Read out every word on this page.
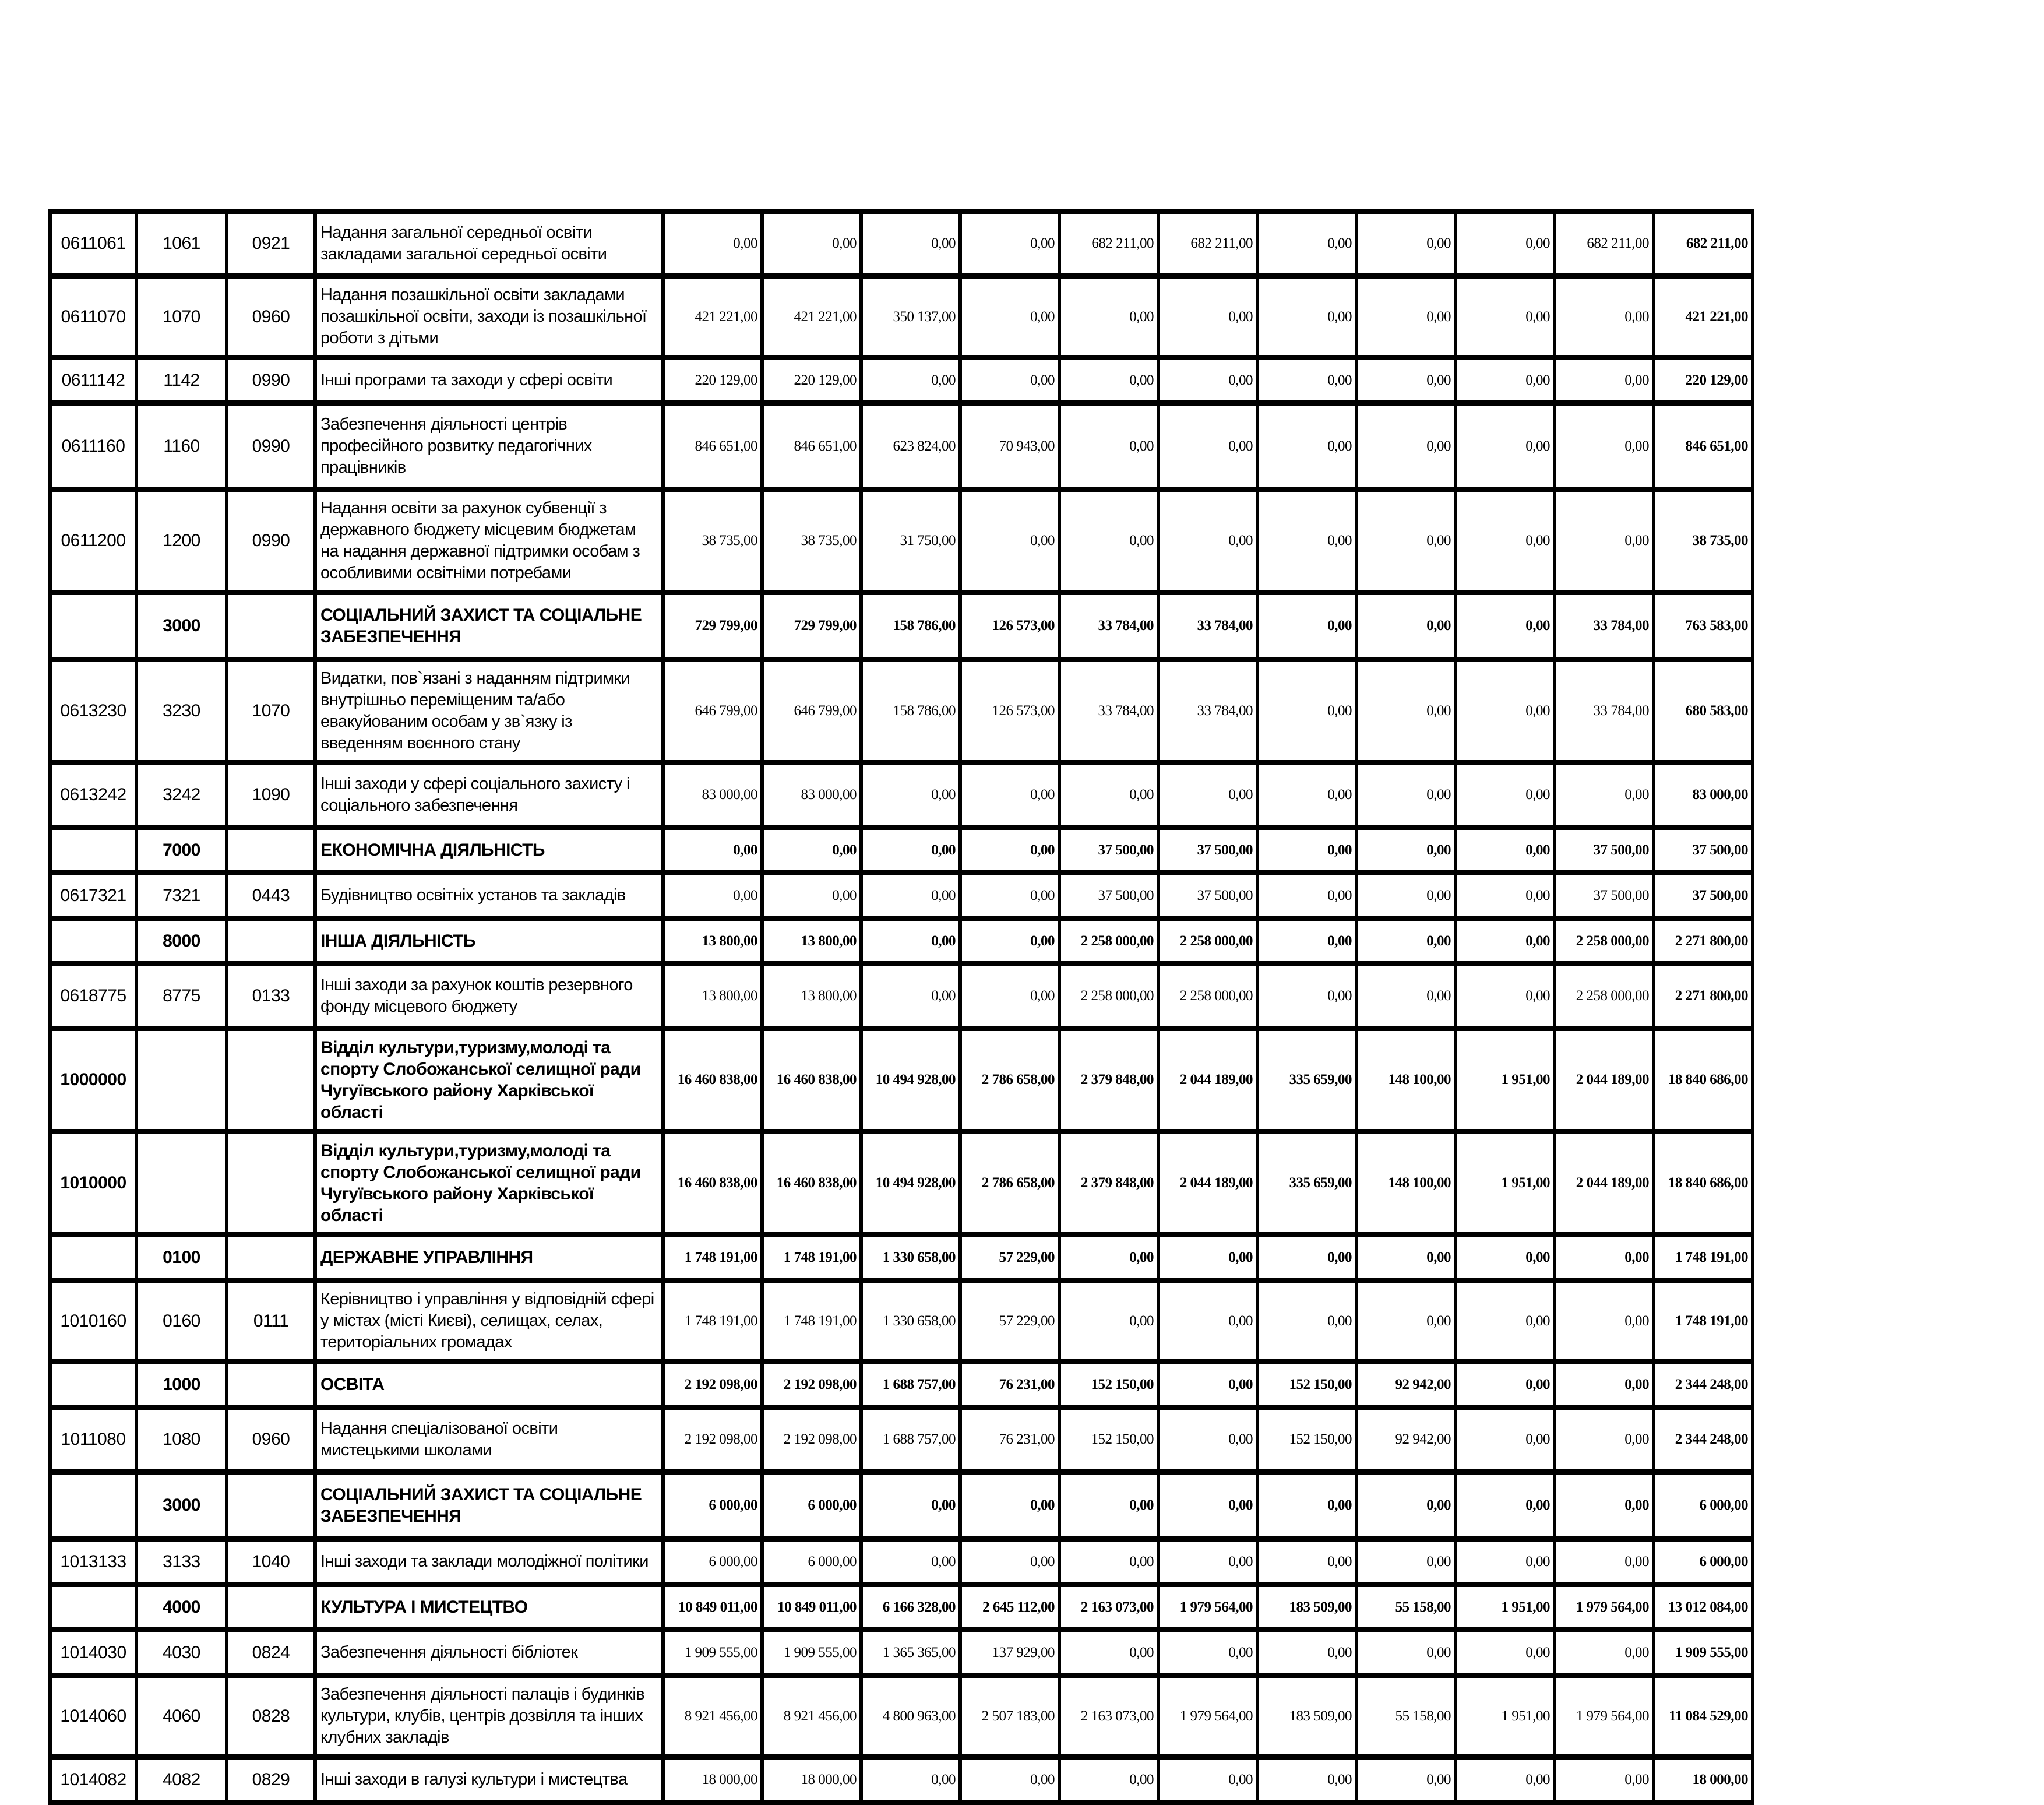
0611061	1061	0921	Надання загальної середньої освіти закладами загальної середньої освіти	0,00	0,00	0,00	0,00	682 211,00	682 211,00	0,00	0,00	0,00	682 211,00	682 211,00
0611070	1070	0960	Надання позашкільної освіти закладами позашкільної освіти, заходи із позашкільної роботи з дітьми	421 221,00	421 221,00	350 137,00	0,00	0,00	0,00	0,00	0,00	0,00	0,00	421 221,00
0611142	1142	0990	Інші програми та заходи у сфері освіти	220 129,00	220 129,00	0,00	0,00	0,00	0,00	0,00	0,00	0,00	0,00	220 129,00
0611160	1160	0990	Забезпечення діяльності центрів професійного розвитку педагогічних працівників	846 651,00	846 651,00	623 824,00	70 943,00	0,00	0,00	0,00	0,00	0,00	0,00	846 651,00
0611200	1200	0990	Надання освіти за рахунок субвенції з державного бюджету місцевим бюджетам на надання державної підтримки особам з особливими освітніми потребами	38 735,00	38 735,00	31 750,00	0,00	0,00	0,00	0,00	0,00	0,00	0,00	38 735,00
	3000		СОЦІАЛЬНИЙ ЗАХИСТ ТА СОЦІАЛЬНЕ ЗАБЕЗПЕЧЕННЯ	729 799,00	729 799,00	158 786,00	126 573,00	33 784,00	33 784,00	0,00	0,00	0,00	33 784,00	763 583,00
0613230	3230	1070	Видатки, пов`язані з наданням підтримки внутрішньо переміщеним та/або евакуйованим особам у зв`язку із введенням воєнного стану	646 799,00	646 799,00	158 786,00	126 573,00	33 784,00	33 784,00	0,00	0,00	0,00	33 784,00	680 583,00
0613242	3242	1090	Інші заходи у сфері соціального захисту і соціального забезпечення	83 000,00	83 000,00	0,00	0,00	0,00	0,00	0,00	0,00	0,00	0,00	83 000,00
	7000		ЕКОНОМІЧНА ДІЯЛЬНІСТЬ	0,00	0,00	0,00	0,00	37 500,00	37 500,00	0,00	0,00	0,00	37 500,00	37 500,00
0617321	7321	0443	Будівництво освітніх установ та закладів	0,00	0,00	0,00	0,00	37 500,00	37 500,00	0,00	0,00	0,00	37 500,00	37 500,00
	8000		ІНША ДІЯЛЬНІСТЬ	13 800,00	13 800,00	0,00	0,00	2 258 000,00	2 258 000,00	0,00	0,00	0,00	2 258 000,00	2 271 800,00
0618775	8775	0133	Інші заходи за рахунок коштів резервного фонду місцевого бюджету	13 800,00	13 800,00	0,00	0,00	2 258 000,00	2 258 000,00	0,00	0,00	0,00	2 258 000,00	2 271 800,00
1000000			Відділ культури,туризму,молоді та спорту Слобожанської селищної ради Чугуївського району Харківської області	16 460 838,00	16 460 838,00	10 494 928,00	2 786 658,00	2 379 848,00	2 044 189,00	335 659,00	148 100,00	1 951,00	2 044 189,00	18 840 686,00
1010000			Відділ культури,туризму,молоді та спорту Слобожанської селищної ради Чугуївського району Харківської області	16 460 838,00	16 460 838,00	10 494 928,00	2 786 658,00	2 379 848,00	2 044 189,00	335 659,00	148 100,00	1 951,00	2 044 189,00	18 840 686,00
	0100		ДЕРЖАВНЕ УПРАВЛІННЯ	1 748 191,00	1 748 191,00	1 330 658,00	57 229,00	0,00	0,00	0,00	0,00	0,00	0,00	1 748 191,00
1010160	0160	0111	Керівництво і управління у відповідній сфері у містах (місті Києві), селищах, селах, територіальних громадах	1 748 191,00	1 748 191,00	1 330 658,00	57 229,00	0,00	0,00	0,00	0,00	0,00	0,00	1 748 191,00
	1000		ОСВІТА	2 192 098,00	2 192 098,00	1 688 757,00	76 231,00	152 150,00	0,00	152 150,00	92 942,00	0,00	0,00	2 344 248,00
1011080	1080	0960	Надання спеціалізованої освіти мистецькими школами	2 192 098,00	2 192 098,00	1 688 757,00	76 231,00	152 150,00	0,00	152 150,00	92 942,00	0,00	0,00	2 344 248,00
	3000		СОЦІАЛЬНИЙ ЗАХИСТ ТА СОЦІАЛЬНЕ ЗАБЕЗПЕЧЕННЯ	6 000,00	6 000,00	0,00	0,00	0,00	0,00	0,00	0,00	0,00	0,00	6 000,00
1013133	3133	1040	Інші заходи та заклади молодіжної політики	6 000,00	6 000,00	0,00	0,00	0,00	0,00	0,00	0,00	0,00	0,00	6 000,00
	4000		КУЛЬТУРА І МИСТЕЦТВО	10 849 011,00	10 849 011,00	6 166 328,00	2 645 112,00	2 163 073,00	1 979 564,00	183 509,00	55 158,00	1 951,00	1 979 564,00	13 012 084,00
1014030	4030	0824	Забезпечення діяльності бібліотек	1 909 555,00	1 909 555,00	1 365 365,00	137 929,00	0,00	0,00	0,00	0,00	0,00	0,00	1 909 555,00
1014060	4060	0828	Забезпечення діяльності палаців і будинків культури, клубів, центрів дозвілля та інших клубних закладів	8 921 456,00	8 921 456,00	4 800 963,00	2 507 183,00	2 163 073,00	1 979 564,00	183 509,00	55 158,00	1 951,00	1 979 564,00	11 084 529,00
1014082	4082	0829	Інші заходи в галузі культури і мистецтва	18 000,00	18 000,00	0,00	0,00	0,00	0,00	0,00	0,00	0,00	0,00	18 000,00
